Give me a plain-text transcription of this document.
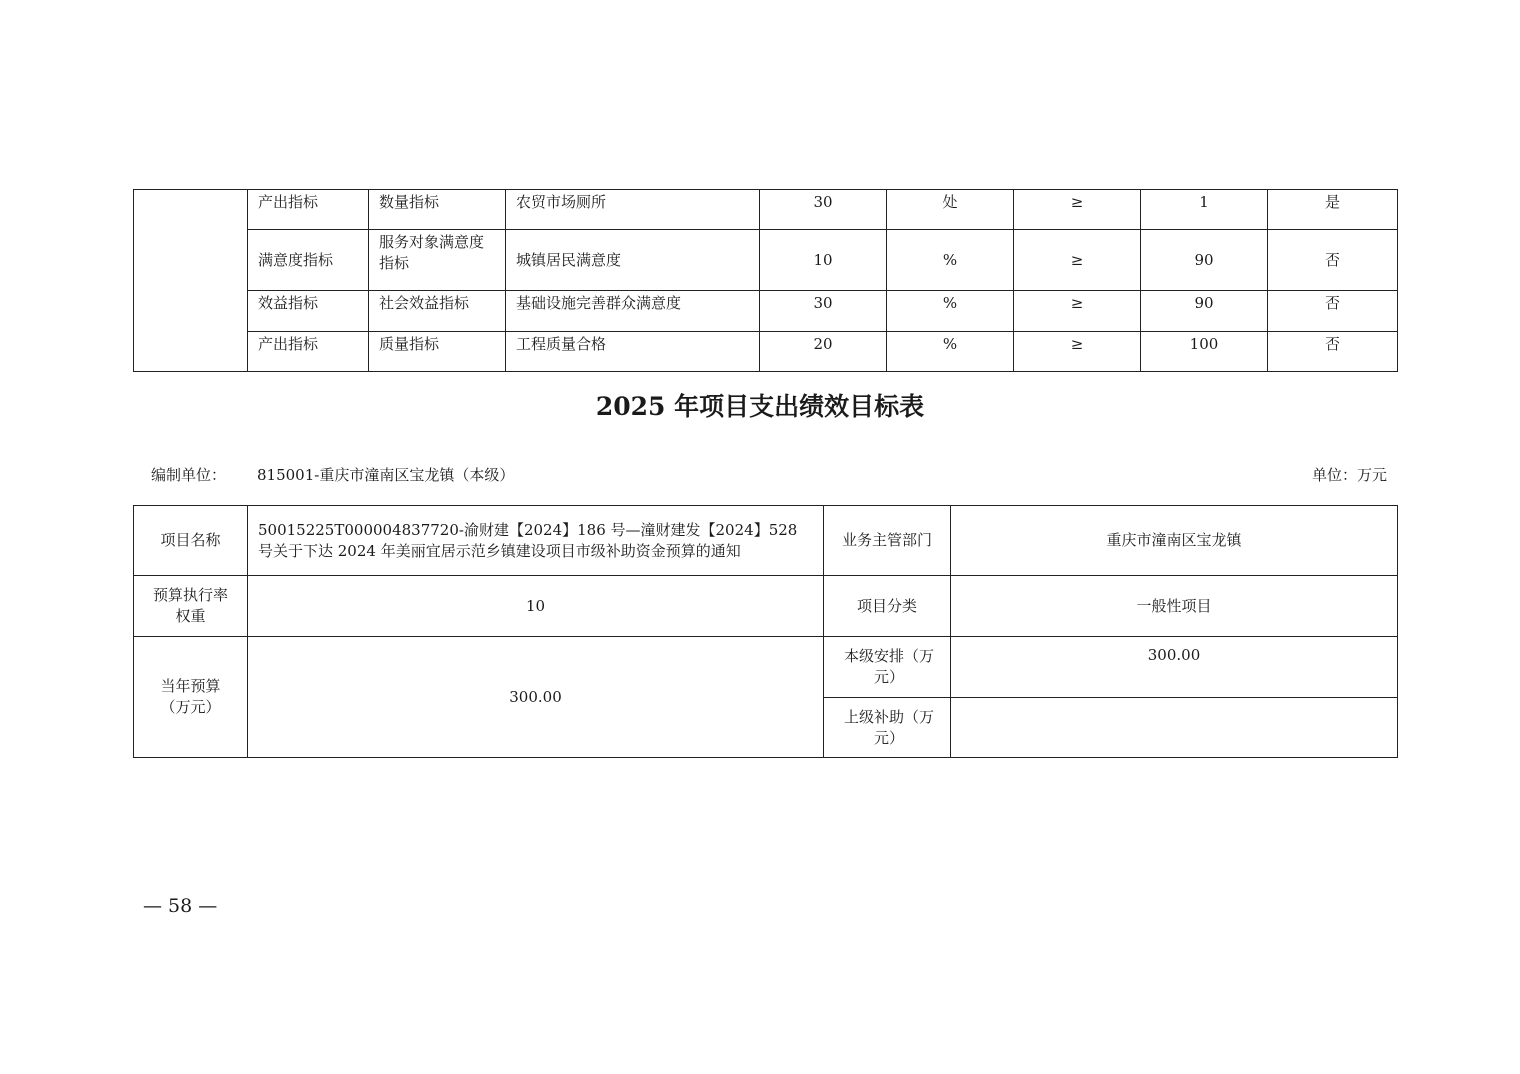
	产出指标	数量指标	农贸市场厕所	30	处	≥	1	是
	满意度指标	服务对象满意度指标	城镇居民满意度	10	%	≥	90	否
	效益指标	社会效益指标	基础设施完善群众满意度	30	%	≥	90	否
	产出指标	质量指标	工程质量合格	20	%	≥	100	否
2025 年项目支出绩效目标表
编制单位： 815001-重庆市潼南区宝龙镇（本级）	单位：万元
项目名称	50015225T000004837720-渝财建【2024】186 号—潼财建发【2024】528 号关于下达 2024 年美丽宜居示范乡镇建设项目市级补助资金预算的通知	业务主管部门	重庆市潼南区宝龙镇
预算执行率权重	10	项目分类	一般性项目
当年预算（万元）	300.00	本级安排（万元）	300.00
		上级补助（万元）	
— 58 —
